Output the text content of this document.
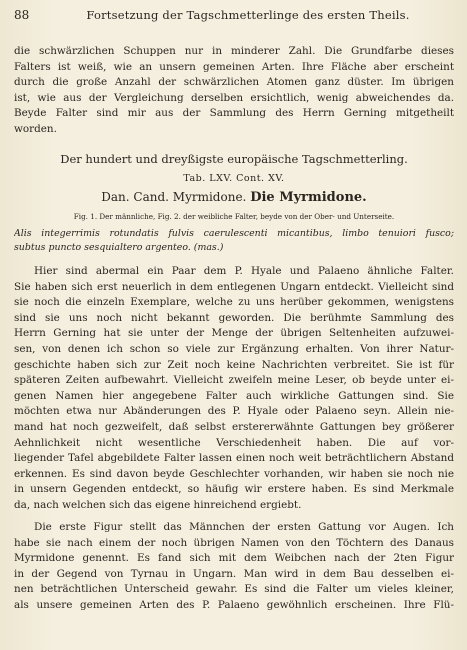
88	Fortsetzung der Tagschmetterlinge des ersten Theils.
die schwärzlichen Schuppen nur in minderer Zahl. Die Grundfarbe dieses
Falters ist weiß, wie an unsern gemeinen Arten. Ihre Fläche aber erscheint
durch die große Anzahl der schwärzlichen Atomen ganz düster. Im übrigen
ist, wie aus der Vergleichung derselben ersichtlich, wenig abweichendes da.
Beyde Falter sind mir aus der Sammlung des Herrn Gerning mitgetheilt
worden.
Der hundert und dreyßigste europäische Tagschmetterling.
Tab. LXV. Cont. XV.
Dan. Cand. Myrmidone. Die Myrmidone.
Fig. 1. Der männliche, Fig. 2. der weibliche Falter, beyde von der Ober- und Unterseite.
Alis integerrimis rotundatis fulvis caerulescenti micantibus, limbo tenuiori fusco;
subtus puncto sesquialtero argenteo. (mas.)
Hier sind abermal ein Paar dem P. Hyale und Palaeno ähnliche Falter.
Sie haben sich erst neuerlich in dem entlegenen Ungarn entdeckt. Vielleicht sind
sie noch die einzeln Exemplare, welche zu uns herüber gekommen, wenigstens
sind sie uns noch nicht bekannt geworden. Die berühmte Sammlung des
Herrn Gerning hat sie unter der Menge der übrigen Seltenheiten aufzuwei-
sen, von denen ich schon so viele zur Ergänzung erhalten. Von ihrer Natur-
geschichte haben sich zur Zeit noch keine Nachrichten verbreitet. Sie ist für
späteren Zeiten aufbewahrt. Vielleicht zweifeln meine Leser, ob beyde unter ei-
genen Namen hier angegebene Falter auch wirkliche Gattungen sind. Sie
möchten etwa nur Abänderungen des P. Hyale oder Palaeno seyn. Allein nie-
mand hat noch gezweifelt, daß selbst erstererwähnte Gattungen bey größerer
Aehnlichkeit nicht wesentliche Verschiedenheit haben. Die auf vor-
liegender Tafel abgebildete Falter lassen einen noch weit beträchtlichern Abstand
erkennen. Es sind davon beyde Geschlechter vorhanden, wir haben sie noch nie
in unsern Gegenden entdeckt, so häufig wir erstere haben. Es sind Merkmale
da, nach welchen sich das eigene hinreichend ergiebt.
Die erste Figur stellt das Männchen der ersten Gattung vor Augen. Ich
habe sie nach einem der noch übrigen Namen von den Töchtern des Danaus
Myrmidone genennt. Es fand sich mit dem Weibchen nach der 2ten Figur
in der Gegend von Tyrnau in Ungarn. Man wird in dem Bau desselben ei-
nen beträchtlichen Unterscheid gewahr. Es sind die Falter um vieles kleiner,
als unsere gemeinen Arten des P. Palaeno gewöhnlich erscheinen. Ihre Flü-
